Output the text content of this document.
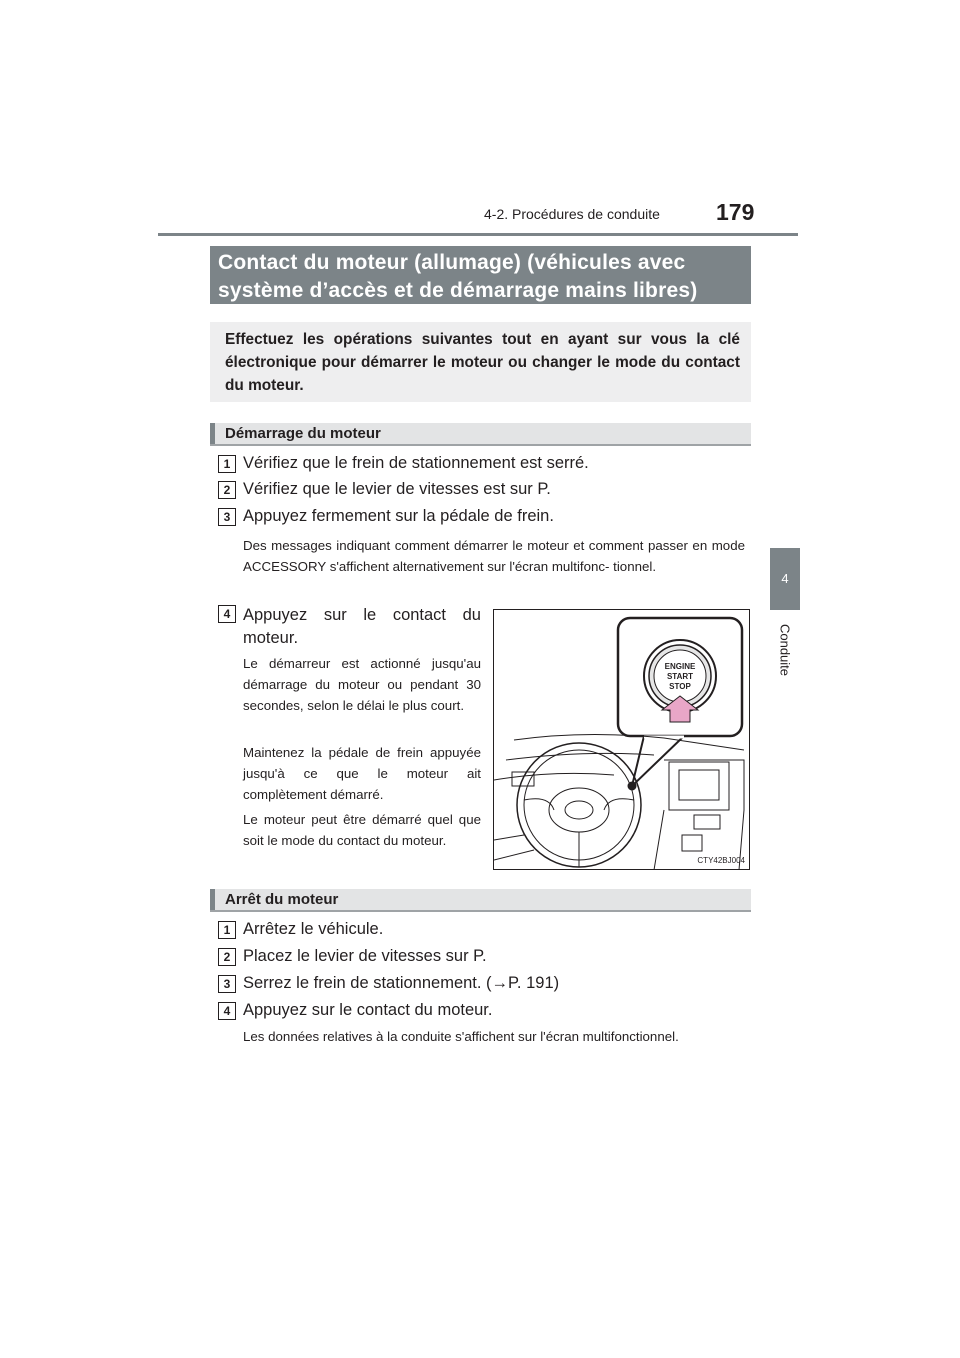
4-2. Procédures de conduite 179
4
Conduite
Contact du moteur (allumage) (véhicules avec
système d’accès et de démarrage mains libres)
Effectuez les opérations suivantes tout en ayant sur vous la clé électronique pour démarrer le moteur ou changer le mode du contact du moteur.
Démarrage du moteur
1 Vérifiez que le frein de stationnement est serré.
2 Vérifiez que le levier de vitesses est sur P.
3 Appuyez fermement sur la pédale de frein.
Des messages indiquant comment démarrer le moteur et comment passer en mode ACCESSORY s'affichent alternativement sur l'écran multifonc- tionnel.
4 Appuyez sur le contact du
moteur.
Le démarreur est actionné jusqu'au démarrage du moteur ou pendant 30 secondes, selon le délai le plus court.
Maintenez la pédale de frein appuyée jusqu'à ce que le moteur ait complètement démarré.
Le moteur peut être démarré quel que soit le mode du contact du moteur.
ENGINE
START
STOP
CTY42BJ004
Arrêt du moteur
1 Arrêtez le véhicule.
2 Placez le levier de vitesses sur P.
3 Serrez le frein de stationnement. (→P. 191)
4 Appuyez sur le contact du moteur.
Les données relatives à la conduite s'affichent sur l'écran multifonctionnel.
